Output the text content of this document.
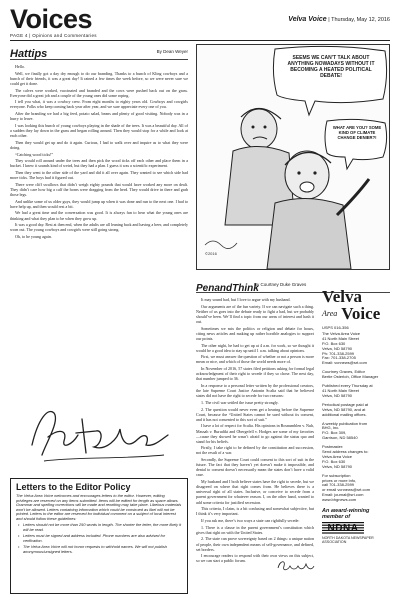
Voices	Velva Voice | Thursday, May 12, 2016
PAGE 4 | Opinions and Commentaries
Hattips	By Dean Weyer

Hello.

Well, we finally got a day dry enough to do our branding. Thanks to a bunch of Kling cowboys and a bunch of their friends, it was a great day! It rained a few times the week before, so we were never sure we could get it done.

The calves were worked, vaccinated and branded and the cows were pushed back out on the grass. Everyone did a great job and a couple of the young ones did some roping.

I tell you what, it was a cowboy crew. From eight months to eighty years old. Cowboys and cowgirls everyone. Folks who keep coming back year after year, and we sure appreciate every one of you.

After the branding we had a big feed, potato salad, beans and plenty of good visiting. Nobody was in a hurry to leave.

I was looking this bunch of young cowboys playing in the shade of the trees. It was a beautiful day. All of a sudden they lay down in the grass and began rolling around. Then they would stop for a while and look at each other.

Then they would get up and do it again. Curious, I had to walk over and inquire as to what they were doing.

“Catching wood ticks!”

They would roll around under the trees and then pick the wood ticks off each other and place them in a bucket. I knew it sounds kind of weird, but they had a plan. I guess it was a scientific experiment.

Then they went to the other side of the yard and did it all over again. They wanted to see which side had more ticks. The boys had it figured out.

There were cliff swallows that didn’t weigh eighty pounds that would have worked any more on dealt. They didn’t care how big a calf the horns were dragging from the herd. They would drive in there and grab those legs.

And unlike some of us older guys, they would jump up when it was done and run to the next one. I had to have help up, and then would rest a bit.

We had a great time and the conversation was good. It is always fun to hear what the young ones are thinking and what they plan to be when they grow up.

It was a good day. Rest at then end, when the adults are all leaning back and having a beer, and completely worn out. The young cowboys and cowgirls were still going strong.

Oh, to be young again.

Letters to the Editor Policy

The Velva Area Voice welcomes and encourages letters to the editor. However, editing privileges are reserved on any items submitted. Items will be edited for length as space allows. Grammar and spelling corrections will be made and rewriting may take place. Libelous materials won’t be allowed. Letters containing information which could be construed as libel will not be printed. Letters to the editor are reserved for individual comment on a subject of local interest and should follow these guidelines:

• Letters should not be more than 250 words in length. The shorter the letter, the more likely it will be read.
• Letters must be signed and address included. Phone numbers are also advised for verification.
• The Velva Area Voice will not honor requests to withhold names. We will not publish anonymous/unsigned letters.
©2016
SEEMS WE CAN’T TALK ABOUT ANYTHING NOWADAYS WITHOUT IT BECOMING A HEATED POLITICAL DEBATE!
WHAT ARE YOU? SOME KIND OF CLIMATE CHANGE DENIER?!
PenandThink
By Courtney Duke Graves

It may sound bad, but I love to argue with my husband.

Our arguments are of the fun variety. If we can navigate such a thing. Neither of us goes into the debate ready to fight a bad, but we probably should’ve been. We’ll find a topic from our areas of interest and hash it out.

Sometimes we mix the politics or religion and debate for hours, citing news articles and making up rather horrible analogies to support our points.

The other night, he had to get up at 4 a.m. for work, so we thought it would be a good idea to stay up until 1 a.m. talking about opinions.

First, we must answer the question of whether or not a person is more mean or nice, and which of those the world needs more of.

In November of 2016, 57 states filed petitions asking for formal legal acknowledgment of their right to secede if they so chose. The next day, that number jumped to 36.

In a response to a personal letter written by the professional creators, the late Supreme Court Justice Antonin Scalia said that he believed states did not have the right to secede for two reasons:

1. The civil war settled the issue pretty strongly.

2. The question would never even get a hearing before the Supreme Court, because the “United States cannot be sued without its consent, and it has not consented to this sort of suit.”

I have a lot of respect for Scalia. His opinions in Bosnumblen v. Nuh, Massah v. Burudikt and Obergefell v. Hodges are some of my favorites—cause they showed he wasn’t afraid to go against the status quo and stand for his beliefs.

Firstly, I take right to be defined by the constitution and succession, not the result of a war.

Secondly, the Supreme Court could consent to this sort of suit in the future. The fact that they haven’t yet doesn’t make it impossible, and denial to consent doesn’t necessarily mean the states don’t have a valid case.

My husband and I both believe states have the right to secede, but we disagreed on where that right comes from. He believes there is a universal right of all states. Inclusive, or conceive to secede from a parent government for whatever reason. I, on the other hand, wanted to add some criteria for justified secession.

This criteria, I claim, is a bit confusing and somewhat subjective, but I think it’s very important.

If you ask me, there’s two ways a state can rightfully secede:

1. There is a clause in the parent government’s constitution which gives that right on with the United States.

2. The state can prove sovereignty based on 2 things: a unique nation of people, their own independent means of self-governance, and defined, set borders.

I encourage readers to respond with their own views on this subject, so we can start a public forum.

Velva
Area Voice
USPS 016-356
The Velva Area Voice
41 North Main Street
P.O. Box 630
Velva, ND 58790
Ph: 701-338-2599
Fax: 701-338-2705
Email: vcnnews@srt.com
Courtney Graves, Editor
Bertie Osterloh, Office Manager
Published every Thursday at
41 North Main Street
Velva, ND 58790
Periodical postage paid at
Velva, ND 58790, and at
additional mailing offices.
A weekly publication from
BHG, Inc.
P.O. Box 309,
Garrison, ND 58540
Postmaster:
Send address changes to:
Velva Area Voice
P.O. Box 630
Velva, ND 58790
For subscription
prices or more info,
call 701-338-2599
or email vcnnews@srt.com
Email: journal@srt.com
www.bhgnews.com
An award-winning member of
NDNA
NORTH DAKOTA NEWSPAPER ASSOCIATION
